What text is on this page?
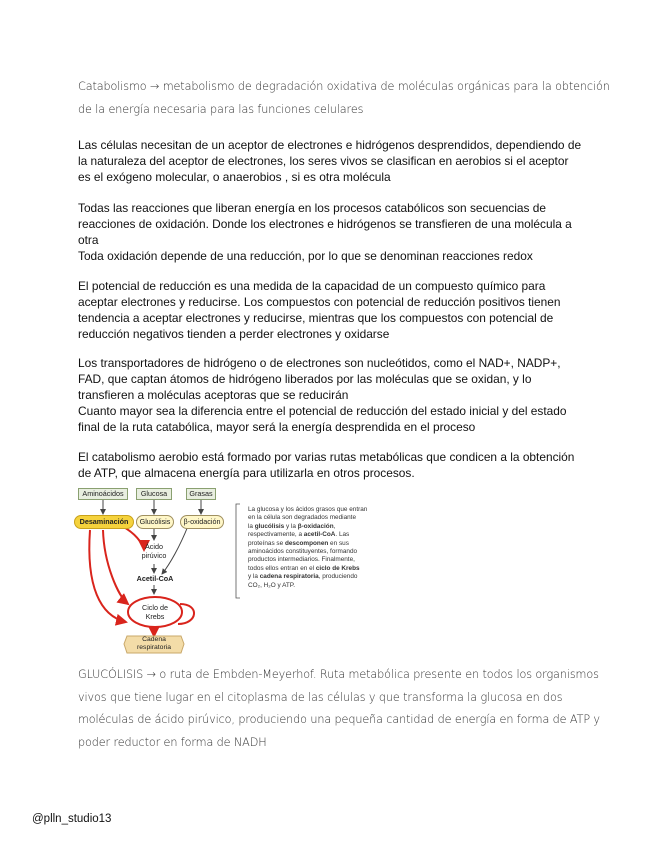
Catabolismo → metabolismo de degradación oxidativa de moléculas orgánicas para la obtención
de la energía necesaria para las funciones celulares
Las células necesitan de un aceptor de electrones e hidrógenos desprendidos, dependiendo de
la naturaleza del aceptor de electrones, los seres vivos se clasifican en aerobios si el aceptor
es el exógeno molecular, o anaerobios , si es otra molécula
Todas las reacciones que liberan energía en los procesos catabólicos son secuencias de
reacciones de oxidación. Donde los electrones e hidrógenos se transfieren de una molécula a
otra
Toda oxidación depende de una reducción, por lo que se denominan reacciones redox
El potencial de reducción es una medida de la capacidad de un compuesto químico para
aceptar electrones y reducirse. Los compuestos con potencial de reducción positivos tienen
tendencia a aceptar electrones y reducirse, mientras que los compuestos con potencial de
reducción negativos tienden a perder electrones y oxidarse
Los transportadores de hidrógeno o de electrones son nucleótidos, como el NAD+, NADP+,
FAD, que captan átomos de hidrógeno liberados por las moléculas que se oxidan, y lo
transfieren a moléculas aceptoras que se reducirán
Cuanto mayor sea la diferencia entre el potencial de reducción del estado inicial y del estado
final de la ruta catabólica, mayor será la energía desprendida en el proceso
El catabolismo aerobio está formado por varias rutas metabólicas que condicen a la obtención
de ATP, que almacena energía para utilizarla en otros procesos.
Aminoácidos	Glucosa	Grasas
Desaminación	Glucólisis	β-oxidación
Ácido
pirúvico
Acetil-CoA
Ciclo de
Krebs
Cadena
respiratoria
La glucosa y los ácidos grasos que entran
en la célula son degradados mediante
la glucólisis y la β-oxidación,
respectivamente, a acetil-CoA. Las
proteínas se descomponen en sus
aminoácidos constituyentes, formando
productos intermediarios. Finalmente,
todos ellos entran en el ciclo de Krebs
y la cadena respiratoria, produciendo
CO₂, H₂O y ATP.
GLUCÓLISIS → o ruta de Embden-Meyerhof. Ruta metabólica presente en todos los organismos
vivos que tiene lugar en el citoplasma de las células y que transforma la glucosa en dos
moléculas de ácido pirúvico, produciendo una pequeña cantidad de energía en forma de ATP y
poder reductor en forma de NADH
@plln_studio13
